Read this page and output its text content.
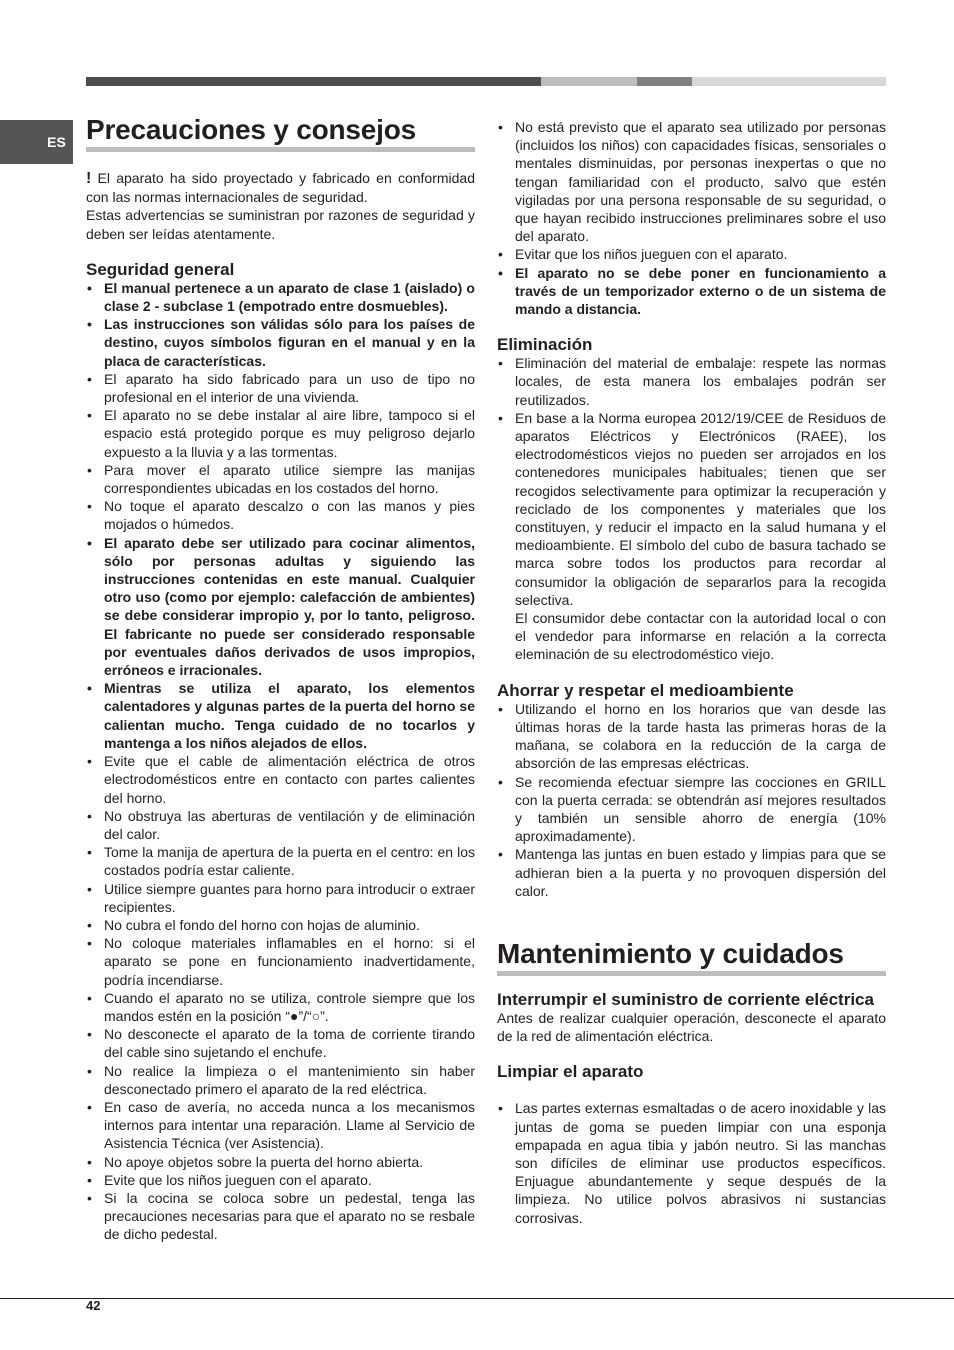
ES Precauciones y consejos

! El aparato ha sido proyectado y fabricado en conformidad con las normas internacionales de seguridad.

Estas advertencias se suministran por razones de seguridad y deben ser leídas atentamente.

Seguridad general
• El manual pertenece a un aparato de clase 1 (aislado) o clase 2 - subclase 1 (empotrado entre dosmuebles).
• Las instrucciones son válidas sólo para los países de destino, cuyos símbolos figuran en el manual y en la placa de características.
• El aparato ha sido fabricado para un uso de tipo no profesional en el interior de una vivienda.
• El aparato no se debe instalar al aire libre, tampoco si el espacio está protegido porque es muy peligroso dejarlo expuesto a la lluvia y a las tormentas.
• Para mover el aparato utilice siempre las manijas correspondientes ubicadas en los costados del horno.
• No toque el aparato descalzo o con las manos y pies mojados o húmedos.
• El aparato debe ser utilizado para cocinar alimentos, sólo por personas adultas y siguiendo las instrucciones contenidas en este manual. Cualquier otro uso (como por ejemplo: calefacción de ambientes) se debe considerar impropio y, por lo tanto, peligroso. El fabricante no puede ser considerado responsable por eventuales daños derivados de usos impropios, erróneos e irracionales.
• Mientras se utiliza el aparato, los elementos calentadores y algunas partes de la puerta del horno se calientan mucho. Tenga cuidado de no tocarlos y mantenga a los niños alejados de ellos.
• Evite que el cable de alimentación eléctrica de otros electrodomésticos entre en contacto con partes calientes del horno.
• No obstruya las aberturas de ventilación y de eliminación del calor.
• Tome la manija de apertura de la puerta en el centro: en los costados podría estar caliente.
• Utilice siempre guantes para horno para introducir o extraer recipientes.
• No cubra el fondo del horno con hojas de aluminio.
• No coloque materiales inflamables en el horno: si el aparato se pone en funcionamiento inadvertidamente, podría incendiarse.
• Cuando el aparato no se utiliza, controle siempre que los mandos estén en la posición “●”/“○”.
• No desconecte el aparato de la toma de corriente tirando del cable sino sujetando el enchufe.
• No realice la limpieza o el mantenimiento sin haber desconectado primero el aparato de la red eléctrica.
• En caso de avería, no acceda nunca a los mecanismos internos para intentar una reparación. Llame al Servicio de Asistencia Técnica (ver Asistencia).
• No apoye objetos sobre la puerta del horno abierta.
• Evite que los niños jueguen con el aparato.
• Si la cocina se coloca sobre un pedestal, tenga las precauciones necesarias para que el aparato no se resbale de dicho pedestal.
• No está previsto que el aparato sea utilizado por personas (incluidos los niños) con capacidades físicas, sensoriales o mentales disminuidas, por personas inexpertas o que no tengan familiaridad con el producto, salvo que estén vigiladas por una persona responsable de su seguridad, o que hayan recibido instrucciones preliminares sobre el uso del aparato.
• Evitar que los niños jueguen con el aparato.
• El aparato no se debe poner en funcionamiento a través de un temporizador externo o de un sistema de mando a distancia.
Eliminación
• Eliminación del material de embalaje: respete las normas locales, de esta manera los embalajes podrán ser reutilizados.
• En base a la Norma europea 2012/19/CEE de Residuos de aparatos Eléctricos y Electrónicos (RAEE), los electrodomésticos viejos no pueden ser arrojados en los contenedores municipales habituales; tienen que ser recogidos selectivamente para optimizar la recuperación y reciclado de los componentes y materiales que los constituyen, y reducir el impacto en la salud humana y el medioambiente. El símbolo del cubo de basura tachado se marca sobre todos los productos para recordar al consumidor la obligación de separarlos para la recogida selectiva.
El consumidor debe contactar con la autoridad local o con el vendedor para informarse en relación a la correcta eleminación de su electrodoméstico viejo.
Ahorrar y respetar el medioambiente
• Utilizando el horno en los horarios que van desde las últimas horas de la tarde hasta las primeras horas de la mañana, se colabora en la reducción de la carga de absorción de las empresas eléctricas.
• Se recomienda efectuar siempre las cocciones en GRILL con la puerta cerrada: se obtendrán así mejores resultados y también un sensible ahorro de energía (10% aproximadamente).
• Mantenga las juntas en buen estado y limpias para que se adhieran bien a la puerta y no provoquen dispersión del calor.
Mantenimiento y cuidados
Interrumpir el suministro de corriente eléctrica

Antes de realizar cualquier operación, desconecte el aparato de la red de alimentación eléctrica.

Limpiar el aparato
• Las partes externas esmaltadas o de acero inoxidable y las juntas de goma se pueden limpiar con una esponja empapada en agua tibia y jabón neutro. Si las manchas son difíciles de eliminar use productos específicos. Enjuague abundantemente y seque después de la limpieza. No utilice polvos abrasivos ni sustancias corrosivas.
42
